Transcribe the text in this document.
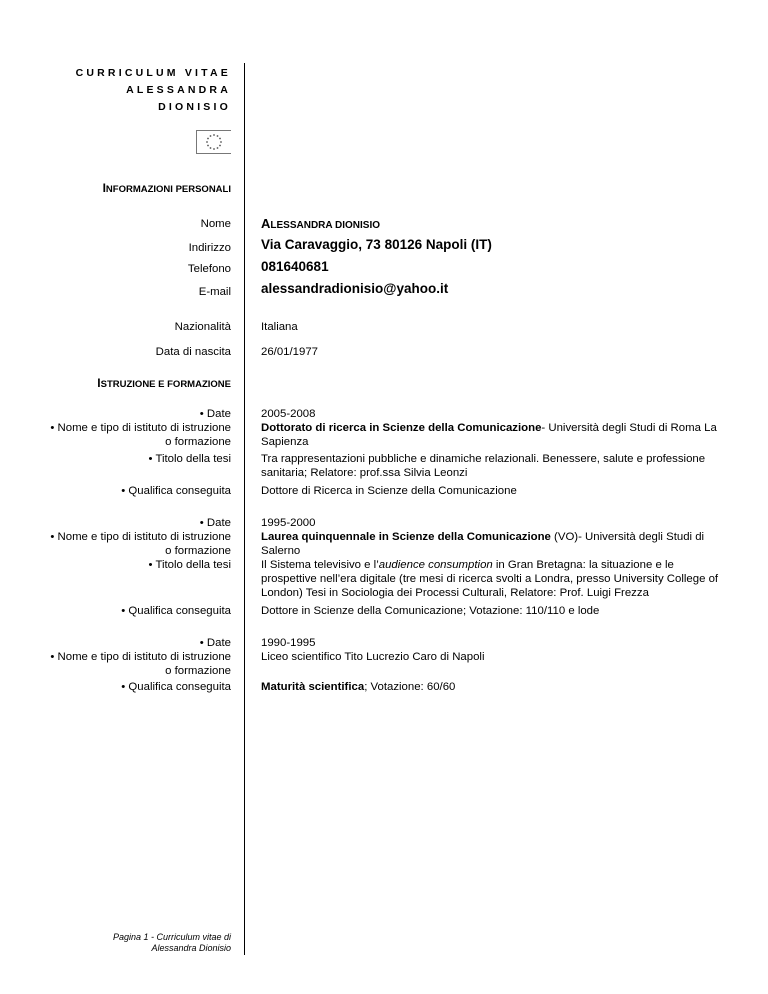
CURRICULUM VITAE
ALESSANDRA
DIONISIO
INFORMAZIONI PERSONALI
Nome ALESSANDRA DIONISIO
Indirizzo Via Caravaggio, 73 80126 Napoli (IT)
Telefono 081640681
E-mail alessandradionisio@yahoo.it
Nazionalità	Italiana
Data di nascita	26/01/1977
ISTRUZIONE E FORMAZIONE
• Date
• Nome e tipo di istituto di istruzione
o formazione
• Titolo della tesi
• Qualifica conseguita
2005-2008
Dottorato di ricerca in Scienze della Comunicazione- Università degli Studi di Roma La Sapienza
Tra rappresentazioni pubbliche e dinamiche relazionali. Benessere, salute e professione sanitaria; Relatore: prof.ssa Silvia Leonzi
Dottore di Ricerca in Scienze della Comunicazione
• Date
• Nome e tipo di istituto di istruzione
o formazione
• Titolo della tesi
• Qualifica conseguita
1995-2000
Laurea quinquennale in Scienze della Comunicazione (VO)- Università degli Studi di Salerno
Il Sistema televisivo e l’audience consumption in Gran Bretagna: la situazione e le prospettive nell’era digitale (tre mesi di ricerca svolti a Londra, presso University College of London) Tesi in Sociologia dei Processi Culturali, Relatore: Prof. Luigi Frezza
Dottore in Scienze della Comunicazione; Votazione: 110/110 e lode
• Date
• Nome e tipo di istituto di istruzione
o formazione
• Qualifica conseguita
1990-1995
Liceo scientifico Tito Lucrezio Caro di Napoli
Maturità scientifica; Votazione: 60/60
Pagina 1 - Curriculum vitae di
Alessandra Dionisio
